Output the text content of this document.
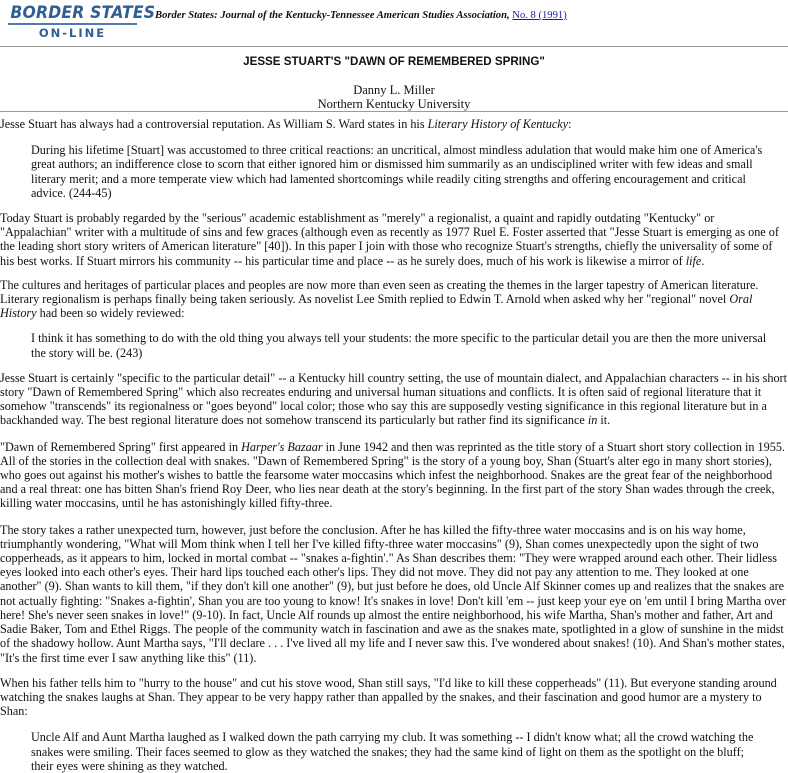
BORDER STATES
ON-LINE
Border States: Journal of the Kentucky-Tennessee American Studies Association, No. 8 (1991)
JESSE STUART'S "DAWN OF REMEMBERED SPRING"
Danny L. Miller
Northern Kentucky University

Jesse Stuart has always had a controversial reputation. As William S. Ward states in his Literary History of Kentucky:

During his lifetime [Stuart] was accustomed to three critical reactions: an uncritical, almost mindless adulation that would make him one of America's great authors; an indifference close to scorn that either ignored him or dismissed him summarily as an undisciplined writer with few ideas and small literary merit; and a more temperate view which had lamented shortcomings while readily citing strengths and offering encouragement and critical advice. (244-45)

Today Stuart is probably regarded by the "serious" academic establishment as "merely" a regionalist, a quaint and rapidly outdating "Kentucky" or "Appalachian" writer with a multitude of sins and few graces (although even as recently as 1977 Ruel E. Foster asserted that "Jesse Stuart is emerging as one of the leading short story writers of American literature" [40]). In this paper I join with those who recognize Stuart's strengths, chiefly the universality of some of his best works. If Stuart mirrors his community -- his particular time and place -- as he surely does, much of his work is likewise a mirror of life.

The cultures and heritages of particular places and peoples are now more than even seen as creating the themes in the larger tapestry of American literature. Literary regionalism is perhaps finally being taken seriously. As novelist Lee Smith replied to Edwin T. Arnold when asked why her "regional" novel Oral History had been so widely reviewed:

I think it has something to do with the old thing you always tell your students: the more specific to the particular detail you are then the more universal the story will be. (243)

Jesse Stuart is certainly "specific to the particular detail" -- a Kentucky hill country setting, the use of mountain dialect, and Appalachian characters -- in his short story "Dawn of Remembered Spring" which also recreates enduring and universal human situations and conflicts. It is often said of regional literature that it somehow "transcends" its regionalness or "goes beyond" local color; those who say this are supposedly vesting significance in this regional literature but in a backhanded way. The best regional literature does not somehow transcend its particularly but rather find its significance in it.

"Dawn of Remembered Spring" first appeared in Harper's Bazaar in June 1942 and then was reprinted as the title story of a Stuart short story collection in 1955. All of the stories in the collection deal with snakes. "Dawn of Remembered Spring" is the story of a young boy, Shan (Stuart's alter ego in many short stories), who goes out against his mother's wishes to battle the fearsome water moccasins which infest the neighborhood. Snakes are the great fear of the neighborhood and a real threat: one has bitten Shan's friend Roy Deer, who lies near death at the story's beginning. In the first part of the story Shan wades through the creek, killing water moccasins, until he has astonishingly killed fifty-three.

The story takes a rather unexpected turn, however, just before the conclusion. After he has killed the fifty-three water moccasins and is on his way home, triumphantly wondering, "What will Mom think when I tell her I've killed fifty-three water moccasins" (9), Shan comes unexpectedly upon the sight of two copperheads, as it appears to him, locked in mortal combat -- "snakes a-fightin'." As Shan describes them: "They were wrapped around each other. Their lidless eyes looked into each other's eyes. Their hard lips touched each other's lips. They did not move. They did not pay any attention to me. They looked at one another" (9). Shan wants to kill them, "if they don't kill one another" (9), but just before he does, old Uncle Alf Skinner comes up and realizes that the snakes are not actually fighting: "Snakes a-fightin', Shan you are too young to know! It's snakes in love! Don't kill 'em -- just keep your eye on 'em until I bring Martha over here! She's never seen snakes in love!" (9-10). In fact, Uncle Alf rounds up almost the entire neighborhood, his wife Martha, Shan's mother and father, Art and Sadie Baker, Tom and Ethel Riggs. The people of the community watch in fascination and awe as the snakes mate, spotlighted in a glow of sunshine in the midst of the shadowy hollow. Aunt Martha says, "I'll declare . . . I've lived all my life and I never saw this. I've wondered about snakes! (10). And Shan's mother states, "It's the first time ever I saw anything like this" (11).

When his father tells him to "hurry to the house" and cut his stove wood, Shan still says, "I'd like to kill these copperheads" (11). But everyone standing around watching the snakes laughs at Shan. They appear to be very happy rather than appalled by the snakes, and their fascination and good humor are a mystery to Shan:

Uncle Alf and Aunt Martha laughed as I walked down the path carrying my club. It was something -- I didn't know what; all the crowd watching the snakes were smiling. Their faces seemed to glow as they watched the snakes; they had the same kind of light on them as the spotlight on the bluff; their eyes were shining as they watched.
